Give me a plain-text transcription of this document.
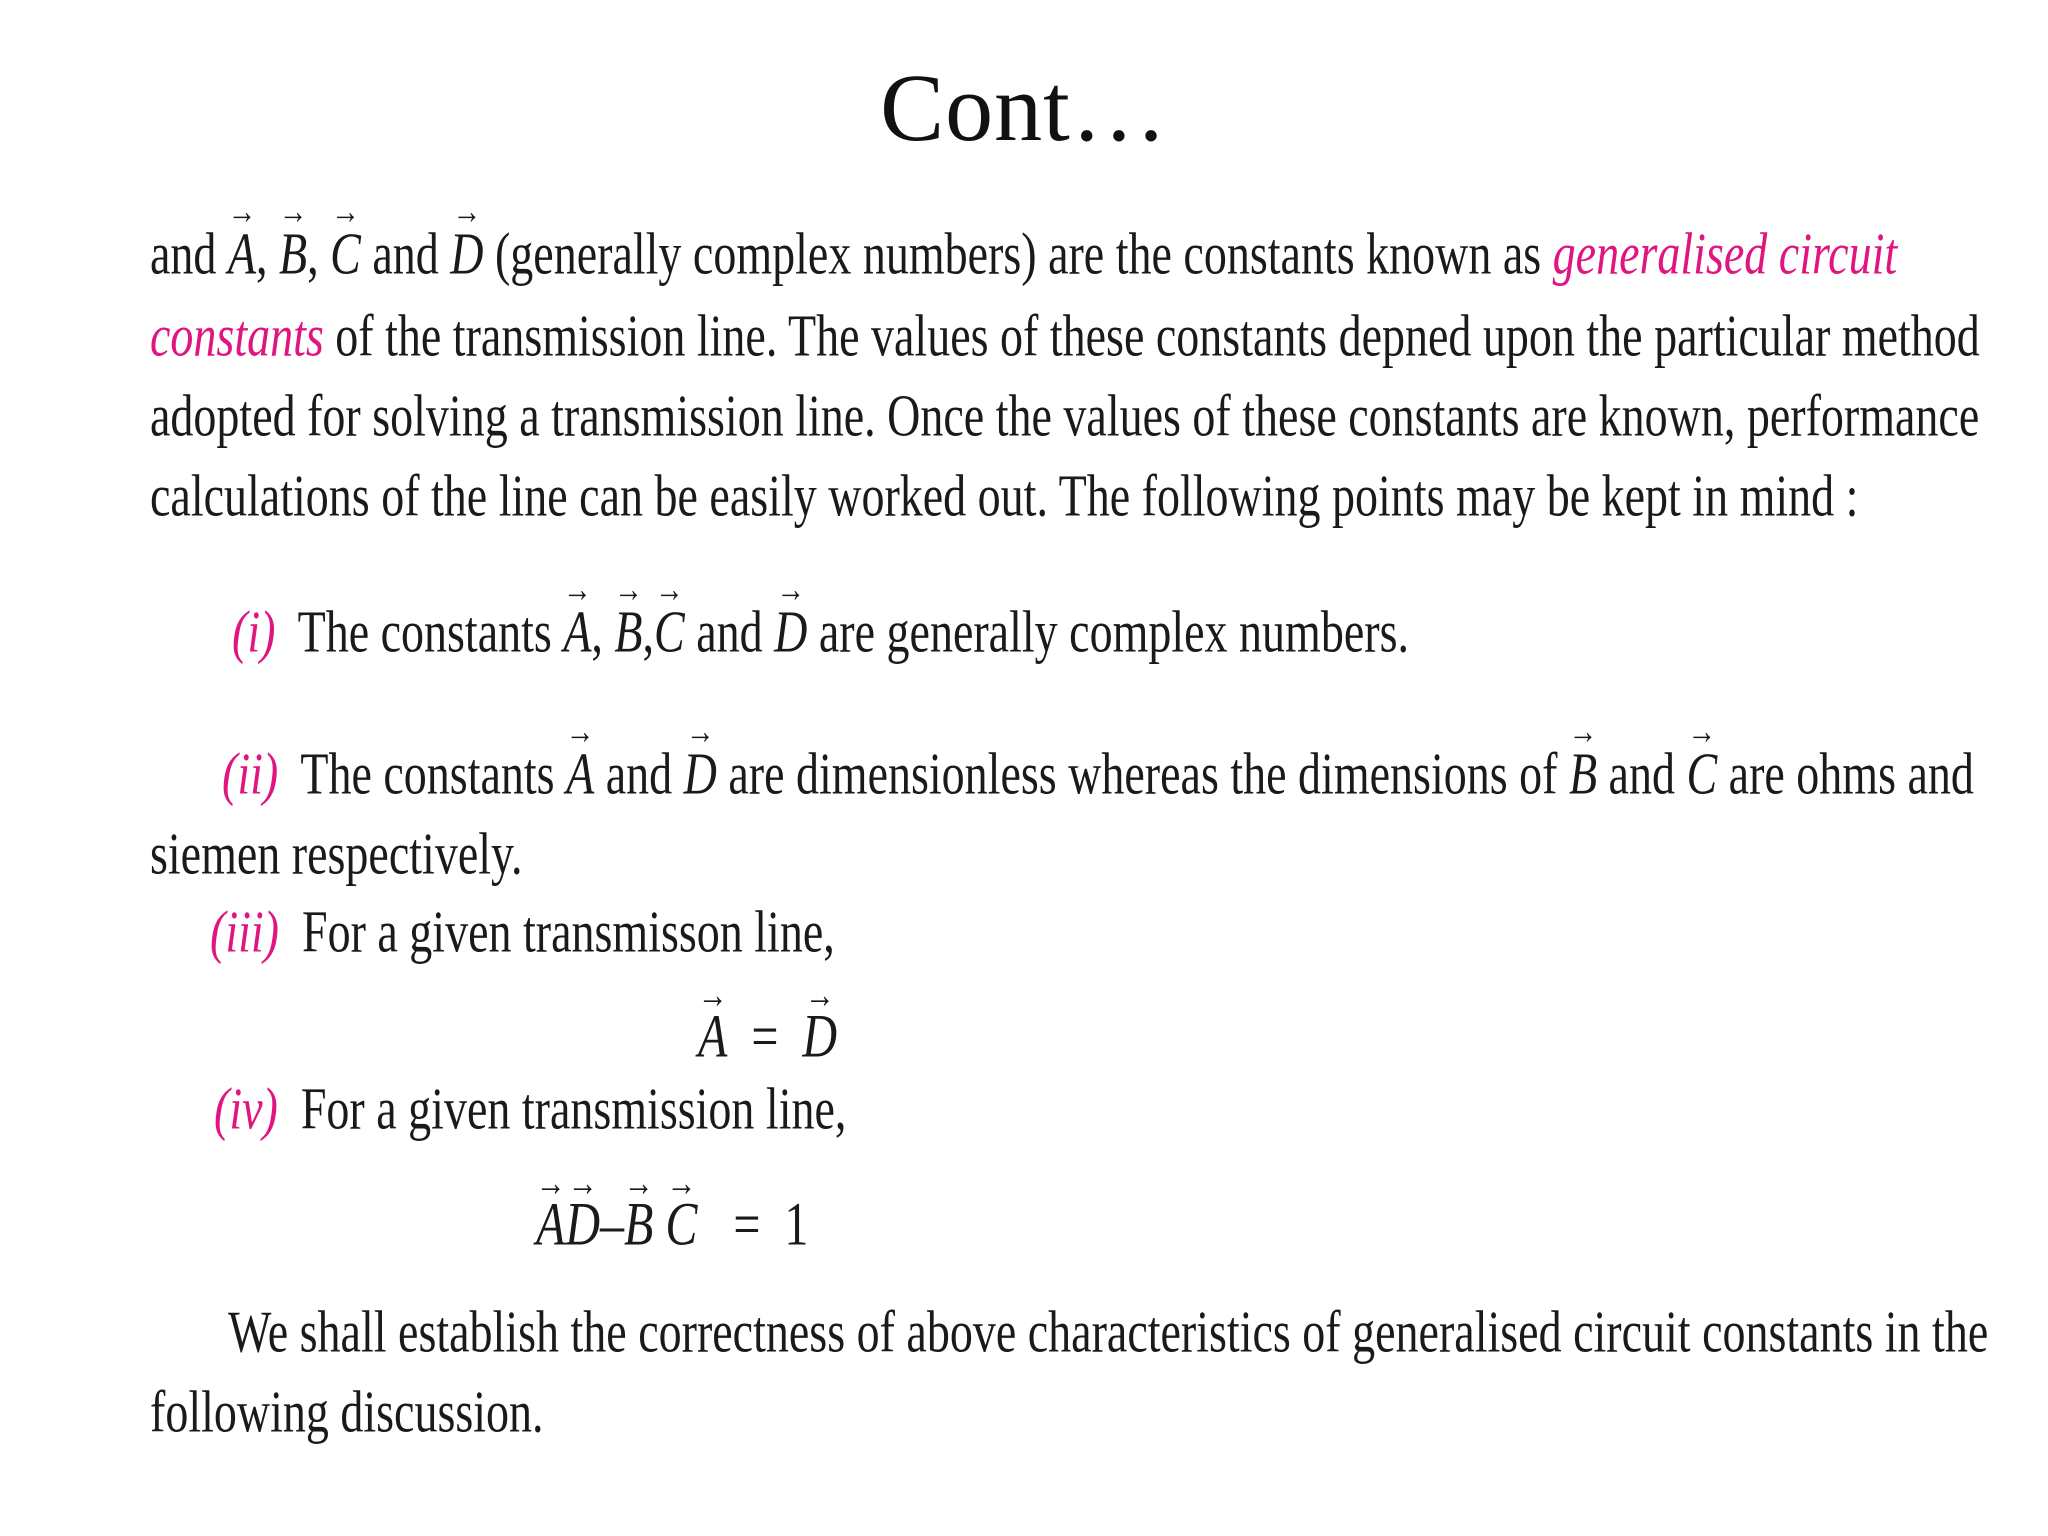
Cont…
and → A, → B, → C and → D (generally complex numbers) are the constants known as generalised circuit
constants of the transmission line. The values of these constants depned upon the particular method
adopted for solving a transmission line. Once the values of these constants are known, performance
calculations of the line can be easily worked out. The following points may be kept in mind :
(i) The constants → A, → B,→ C and → D are generally complex numbers.
(ii) The constants → A and → D are dimensionless whereas the dimensions of → B and → C are ohms and
siemen respectively.
(iii) For a given transmisson line,
→ A = → D
(iv) For a given transmission line,
→ A→ D–→ B → C = 1
We shall establish the correctness of above characteristics of generalised circuit constants in the
following discussion.
